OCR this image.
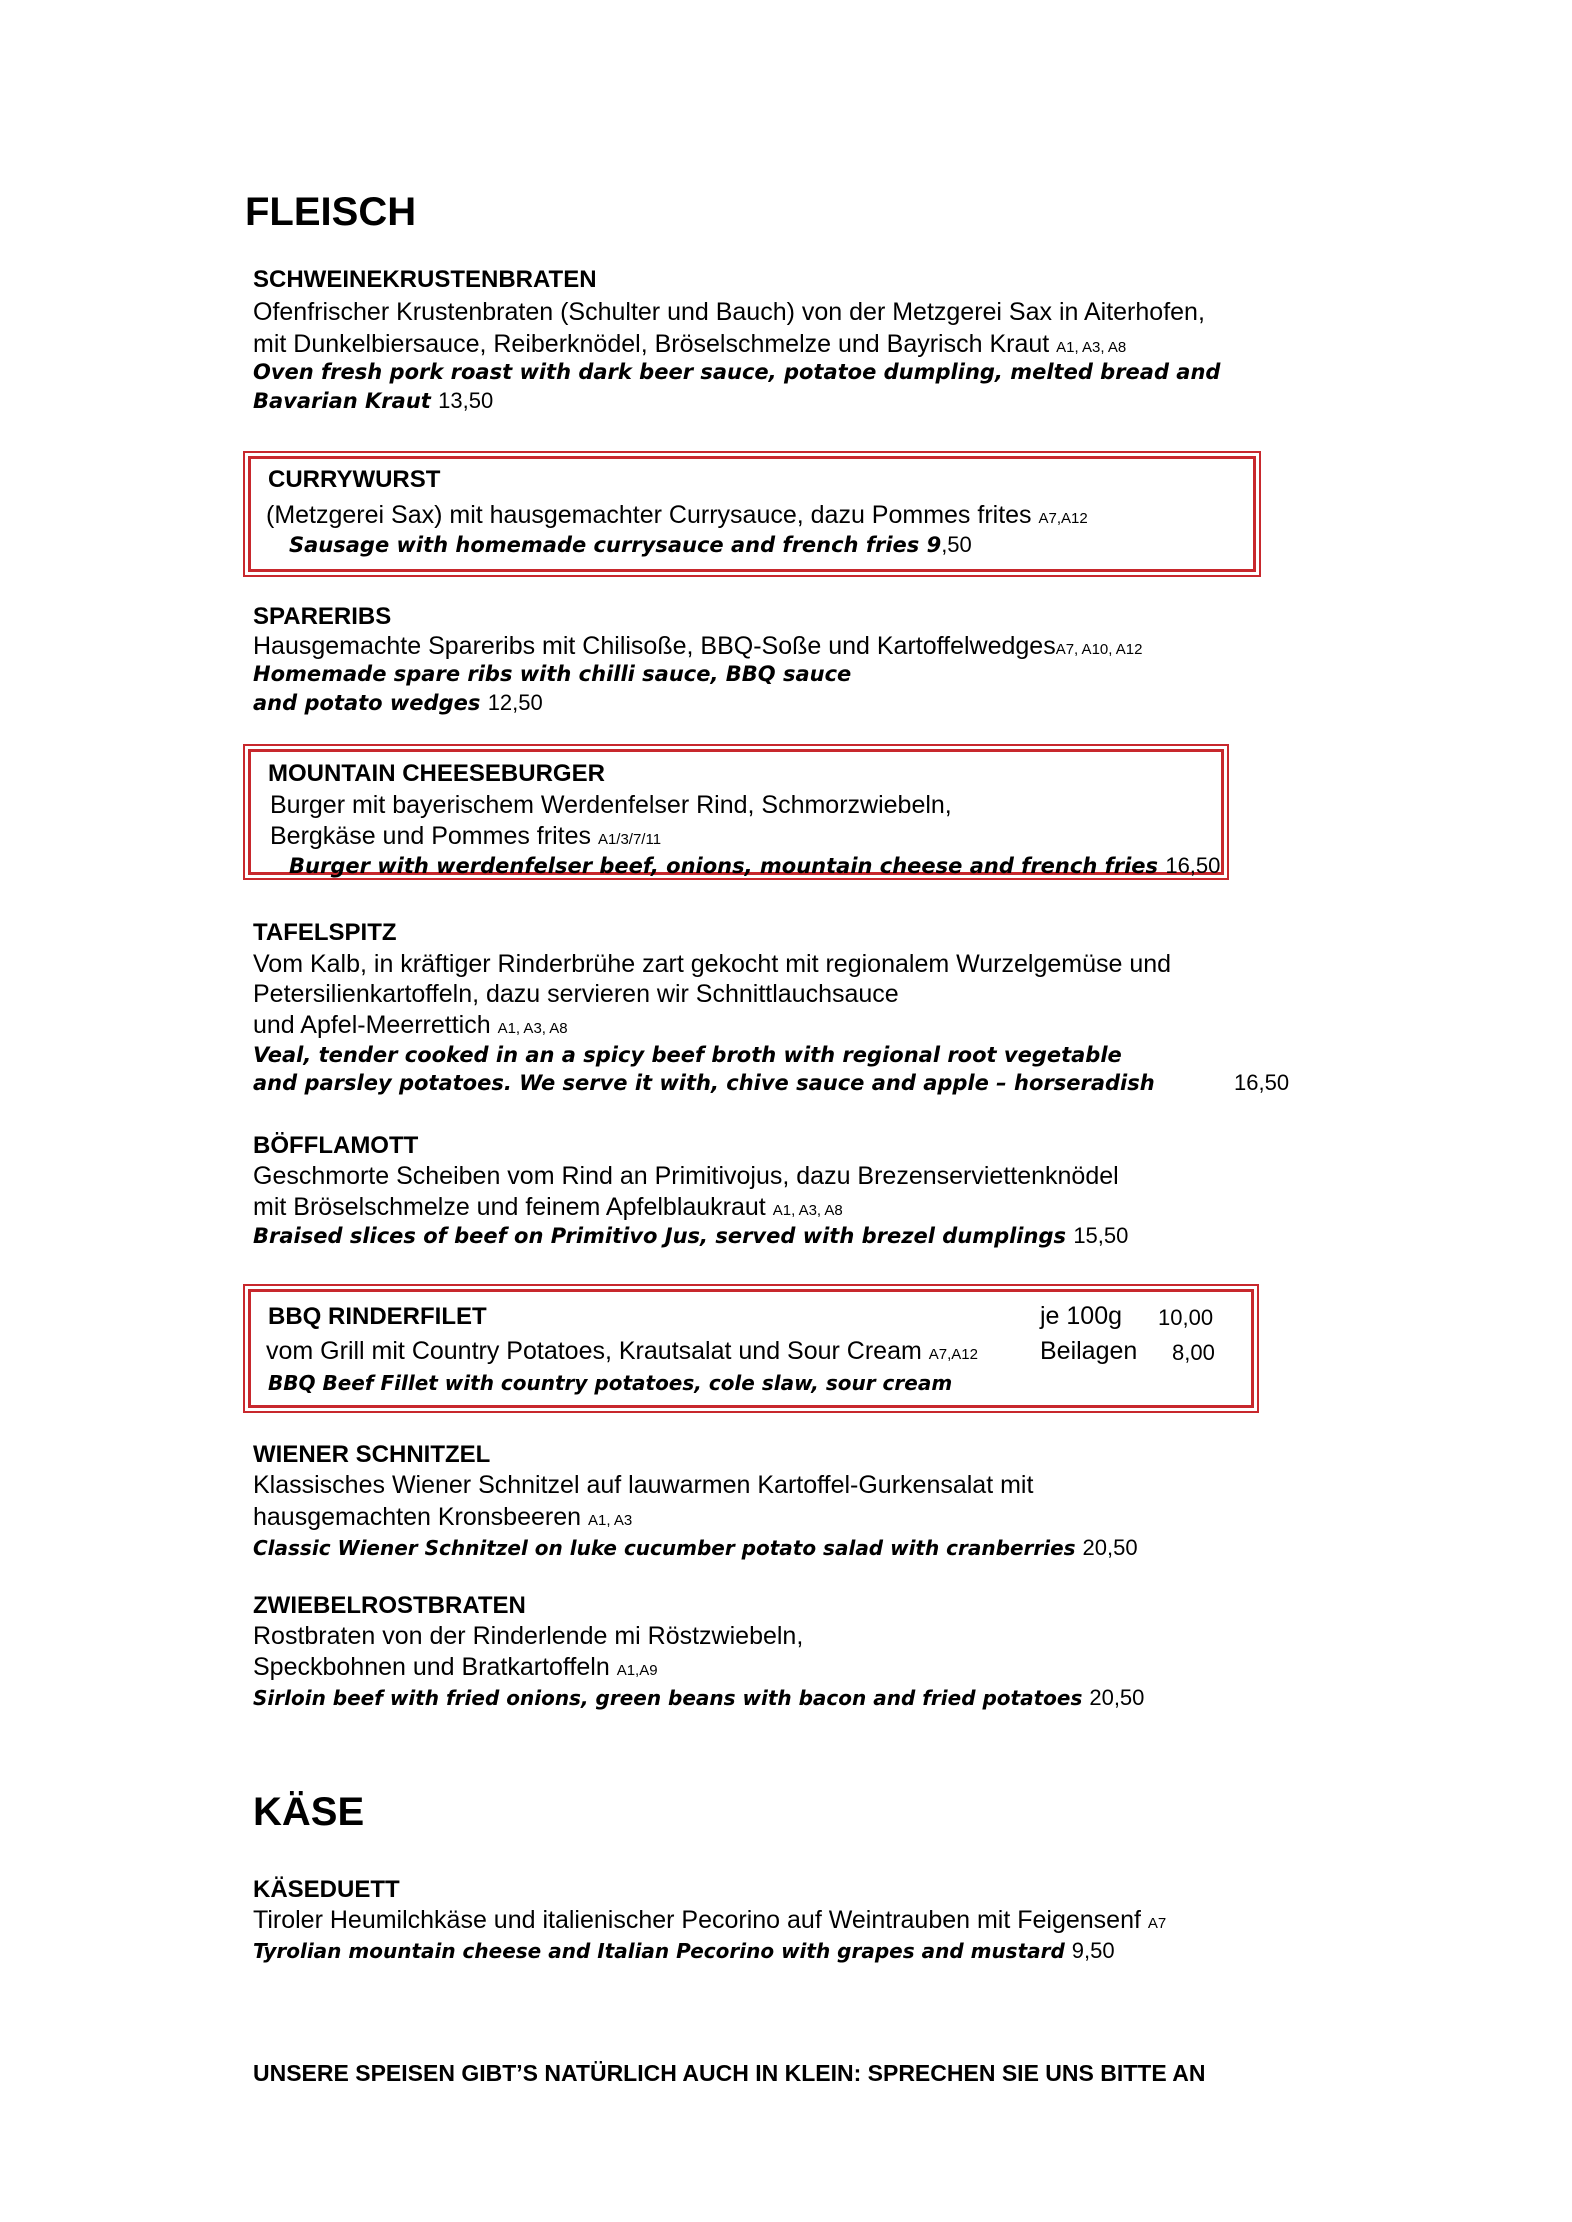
FLEISCH
SCHWEINEKRUSTENBRATEN
Ofenfrischer Krustenbraten (Schulter und Bauch) von der Metzgerei Sax in Aiterhofen,
mit Dunkelbiersauce, Reiberknödel, Bröselschmelze und Bayrisch Kraut A1, A3, A8
Oven fresh pork roast with dark beer sauce, potatoe dumpling, melted bread and
Bavarian Kraut 13,50
CURRYWURST
(Metzgerei Sax) mit hausgemachter Currysauce, dazu Pommes frites A7,A12
Sausage with homemade currysauce and french fries 9,50
SPARERIBS
Hausgemachte Spareribs mit Chilisoße, BBQ-Soße und KartoffelwedgesA7, A10, A12
Homemade spare ribs with chilli sauce, BBQ sauce
and potato wedges 12,50
MOUNTAIN CHEESEBURGER
Burger mit bayerischem Werdenfelser Rind, Schmorzwiebeln,
Bergkäse und Pommes frites A1/3/7/11
Burger with werdenfelser beef, onions, mountain cheese and french fries 16,50
TAFELSPITZ
Vom Kalb, in kräftiger Rinderbrühe zart gekocht mit regionalem Wurzelgemüse und
Petersilienkartoffeln, dazu servieren wir Schnittlauchsauce
und Apfel-Meerrettich A1, A3, A8
Veal, tender cooked in an a spicy beef broth with regional root vegetable
and parsley potatoes. We serve it with, chive sauce and apple – horseradish	16,50
BÖFFLAMOTT
Geschmorte Scheiben vom Rind an Primitivojus, dazu Brezenserviettenknödel
mit Bröselschmelze und feinem Apfelblaukraut A1, A3, A8
Braised slices of beef on Primitivo Jus, served with brezel dumplings 15,50
BBQ RINDERFILET	je 100g 10,00
vom Grill mit Country Potatoes, Krautsalat und Sour Cream A7,A12 Beilagen 8,00
BBQ Beef Fillet with country potatoes, cole slaw, sour cream
WIENER SCHNITZEL
Klassisches Wiener Schnitzel auf lauwarmen Kartoffel-Gurkensalat mit
hausgemachten Kronsbeeren A1, A3
Classic Wiener Schnitzel on luke cucumber potato salad with cranberries 20,50
ZWIEBELROSTBRATEN
Rostbraten von der Rinderlende mi Röstzwiebeln,
Speckbohnen und Bratkartoffeln A1,A9
Sirloin beef with fried onions, green beans with bacon and fried potatoes 20,50
KÄSE
KÄSEDUETT
Tiroler Heumilchkäse und italienischer Pecorino auf Weintrauben mit Feigensenf A7
Tyrolian mountain cheese and Italian Pecorino with grapes and mustard 9,50
UNSERE SPEISEN GIBT’S NATÜRLICH AUCH IN KLEIN: SPRECHEN SIE UNS BITTE AN
